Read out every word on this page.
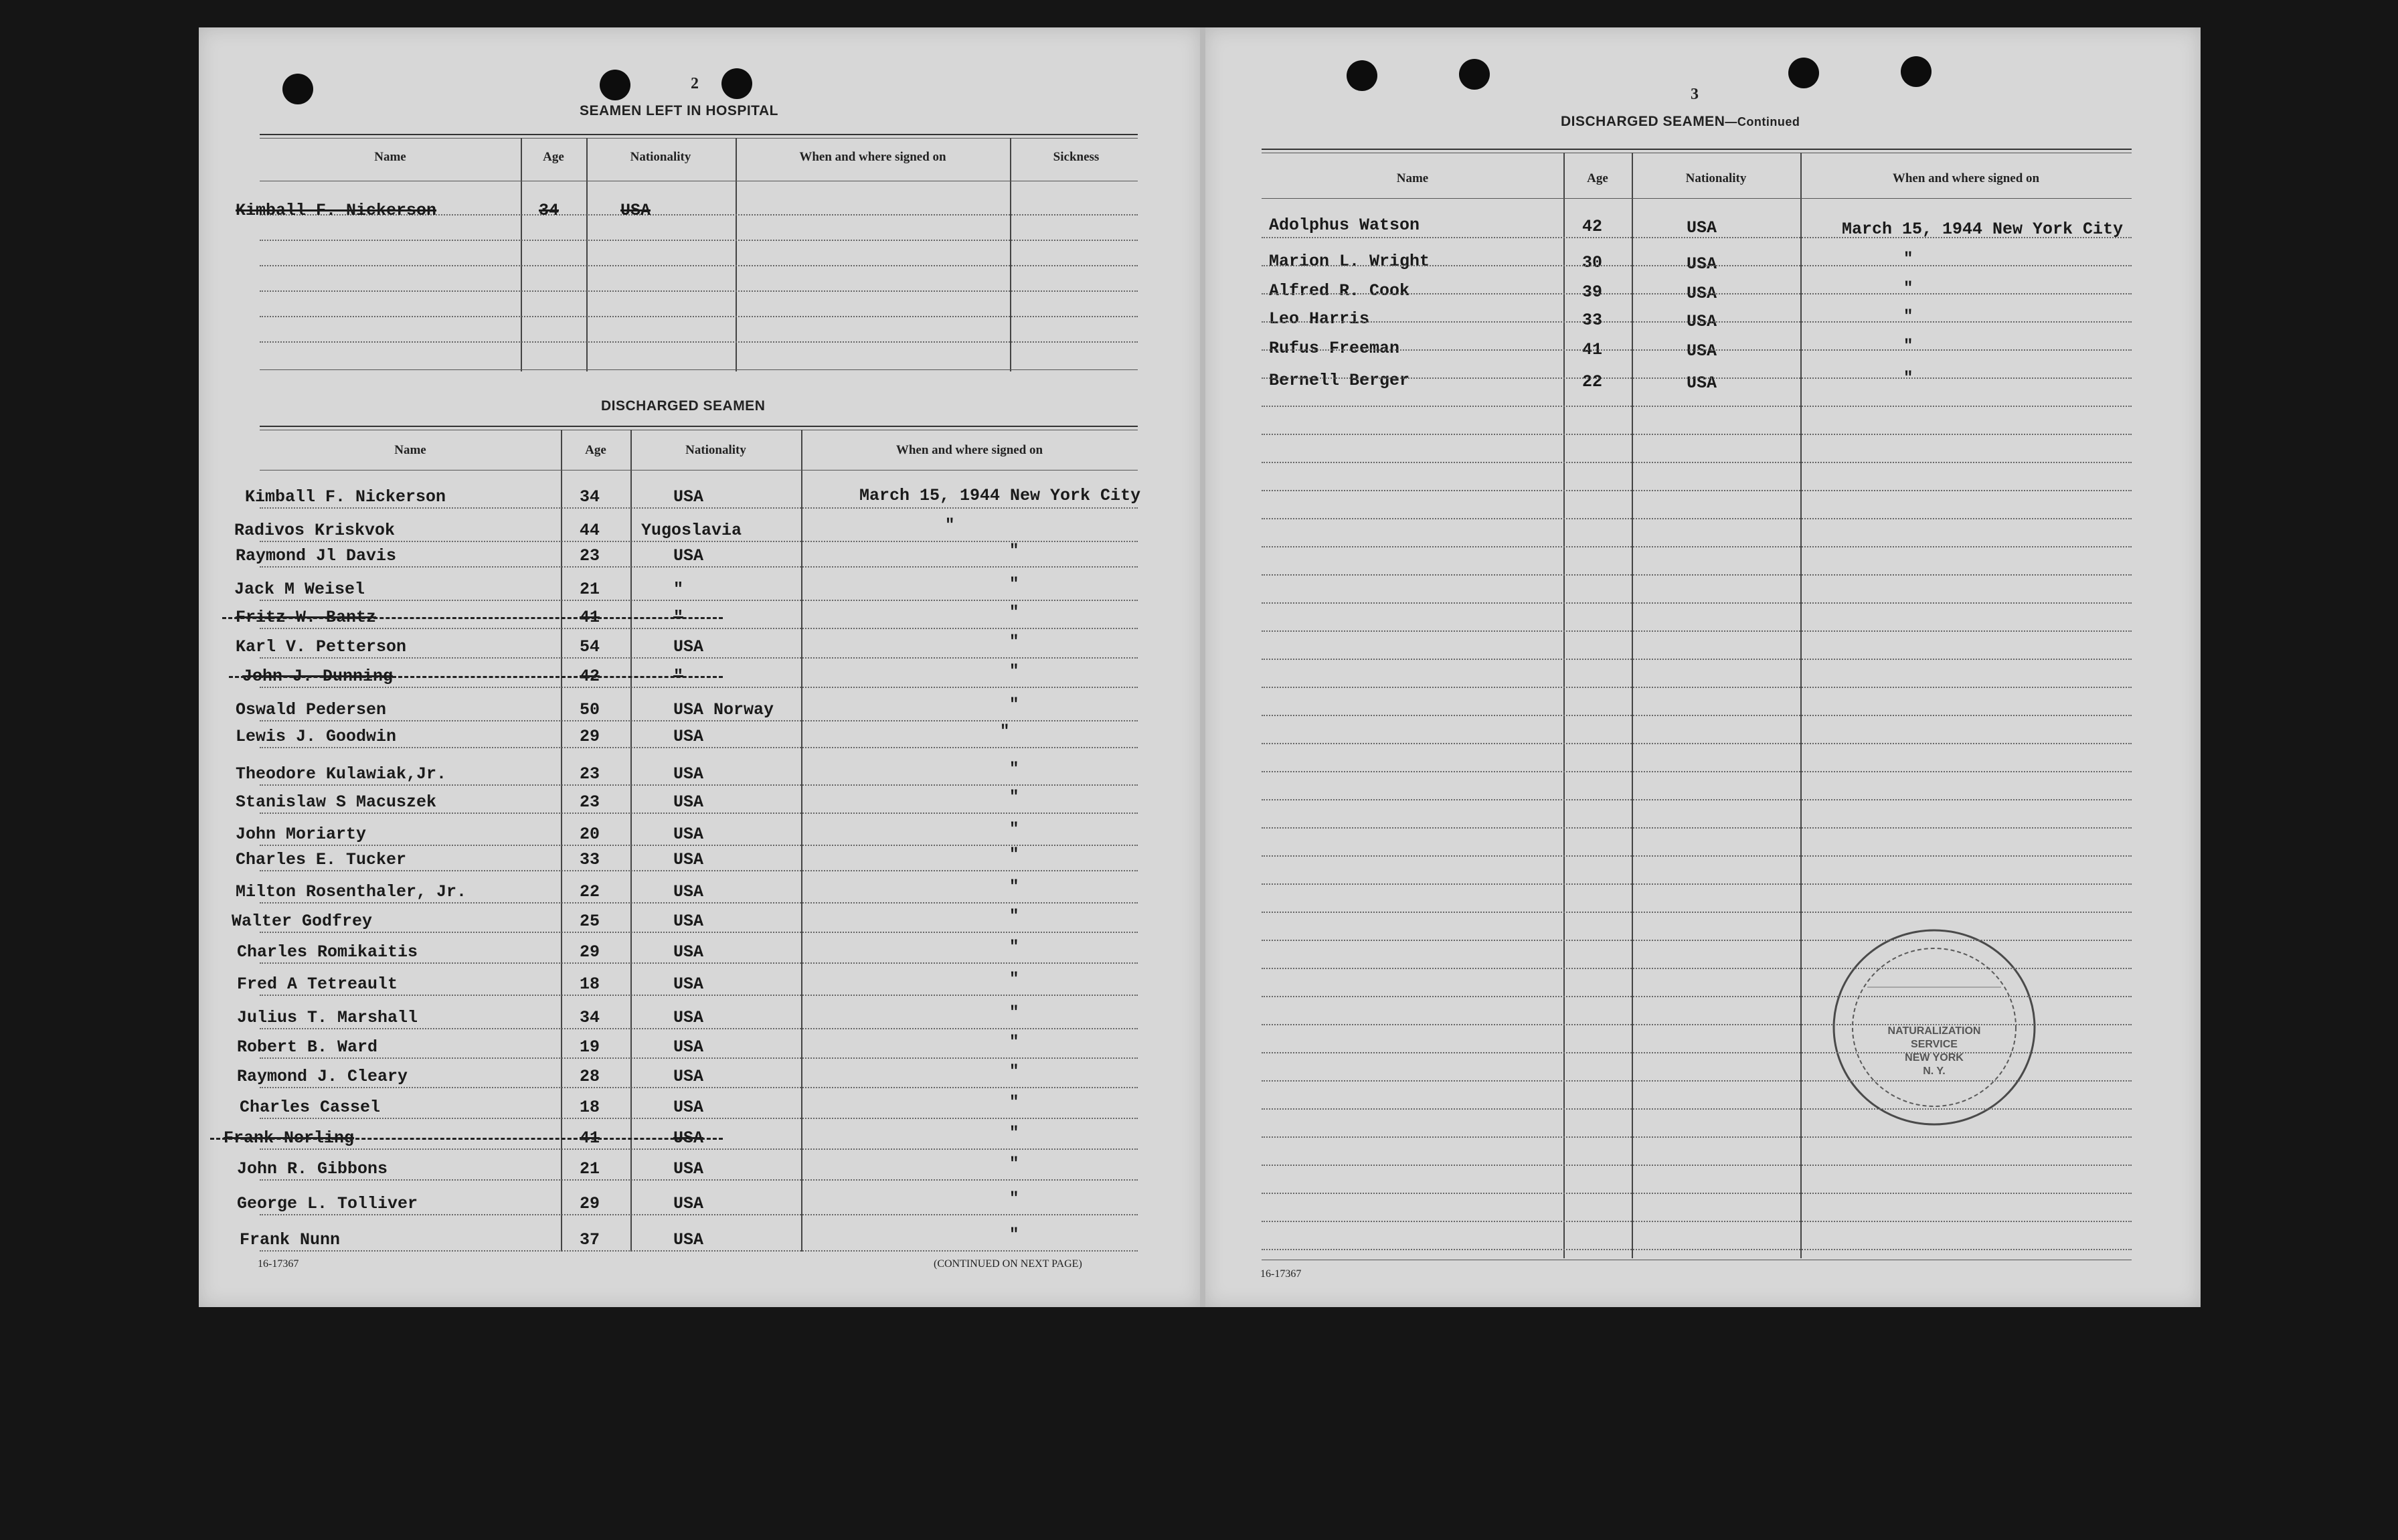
2
SEAMEN LEFT IN HOSPITAL
DISCHARGED SEAMEN
16-17367	(CONTINUED ON NEXT PAGE)
3
DISCHARGED SEAMEN—Continued
16-17367
NATURALIZATION
SERVICE
NEW YORK
N. Y.
Name	Age	Nationality	When and where signed on	Sickness
Kimball F. Nickerson	34	USA
Name	Age	Nationality	When and where signed on
Kimball F. Nickerson	34	USA	March 15, 1944 New York City
Radivos Kriskvok	44 Yugoslavia	"
Raymond Jl Davis	23	USA	"
Jack M Weisel	21	"	"
Fritz W. Bantz	41	"	"
Karl V. Petterson	54	USA	"
John J. Dunning	42	"	"
Oswald Pedersen	50	USA Norway	"
Lewis J. Goodwin	29	USA	"
Theodore Kulawiak,Jr.	23	USA	"
Stanislaw S Macuszek	23	USA	"
John Moriarty	20	USA	"
Charles E. Tucker	33	USA	"
Milton Rosenthaler, Jr.	22	USA	"
Walter Godfrey	25	USA	"
Charles Romikaitis	29	USA	"
Fred A Tetreault	18	USA	"
Julius T. Marshall	34	USA	"
Robert B. Ward	19	USA	"
Raymond J. Cleary	28	USA	"
Charles Cassel	18	USA	"
Frank Norling	41	USA	"
John R. Gibbons	21	USA	"
George L. Tolliver	29	USA	"
Frank Nunn	37	USA	"
Name	Age	Nationality	When and where signed on
Adolphus Watson	42	USA	March 15, 1944 New York City
Marion L. Wright	30	USA	"
Alfred R. Cook	39	USA	"
Leo Harris	33	USA	"
Rufus Freeman	41	USA	"
Bernell Berger	22	USA	"
